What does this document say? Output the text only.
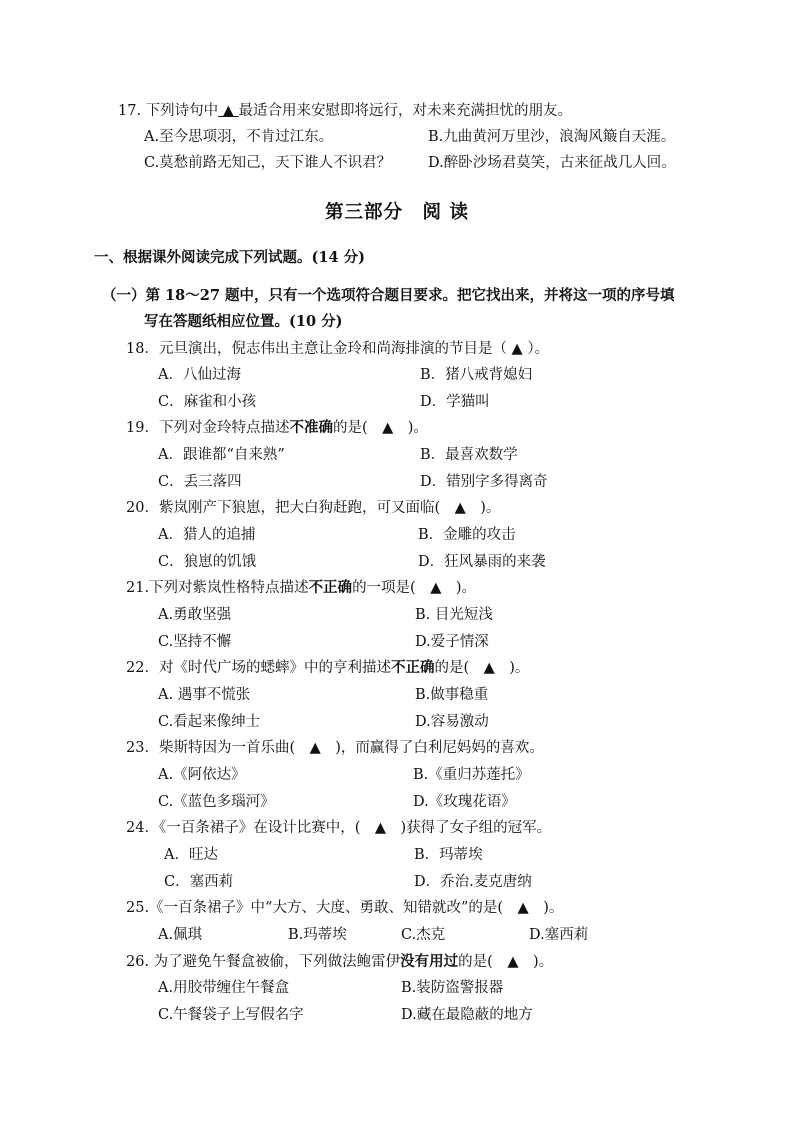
17. 下列诗句中 ▲ 最适合用来安慰即将远行，对未来充满担忧的朋友。
A.至今思项羽，不肯过江东。	B.九曲黄河万里沙，浪淘风簸自天涯。
C.莫愁前路无知己，天下谁人不识君？	D.醉卧沙场君莫笑，古来征战几人回。
第三部分　阅 读
一、根据课外阅读完成下列试题。(14 分)
（一）第 18～27 题中，只有一个选项符合题目要求。把它找出来，并将这一项的序号填
写在答题纸相应位置。(10 分)
18．元旦演出，倪志伟出主意让金玲和尚海排演的节目是（ ▲ ）。
A．八仙过海	B．猪八戒背媳妇
C．麻雀和小孩	D．学猫叫
19．下列对金玲特点描述不准确的是(　▲　)。
A．跟谁都“自来熟”	B．最喜欢数学
C．丢三落四	D．错别字多得离奇
20．紫岚刚产下狼崽，把大白狗赶跑，可又面临(　▲　)。
A．猎人的追捕	B．金雕的攻击
C．狼崽的饥饿	D．狂风暴雨的来袭
21.下列对紫岚性格特点描述不正确的一项是(　▲　)。
A.勇敢坚强	B. 目光短浅
C.坚持不懈	D.爱子情深
22．对《时代广场的蟋蟀》中的亨利描述不正确的是(　▲　)。
A. 遇事不慌张	B.做事稳重
C.看起来像绅士	D.容易激动
23．柴斯特因为一首乐曲(　▲　)，而赢得了白利尼妈妈的喜欢。
A.《阿依达》	B.《重归苏莲托》
C.《蓝色多瑙河》	D.《玫瑰花语》
24．《一百条裙子》在设计比赛中，(　▲　)获得了女子组的冠军。
A．旺达	B．玛蒂埃
C．塞西莉	D．乔治.麦克唐纳
25.《一百条裙子》中“大方、大度、勇敢、知错就改”的是(　▲　)。
A.佩琪	B.玛蒂埃	C.杰克	D.塞西莉
26. 为了避免午餐盒被偷，下列做法鲍雷伊没有用过的是(　▲　)。
A.用胶带缠住午餐盒	B.装防盗警报器
C.午餐袋子上写假名字	D.藏在最隐蔽的地方
